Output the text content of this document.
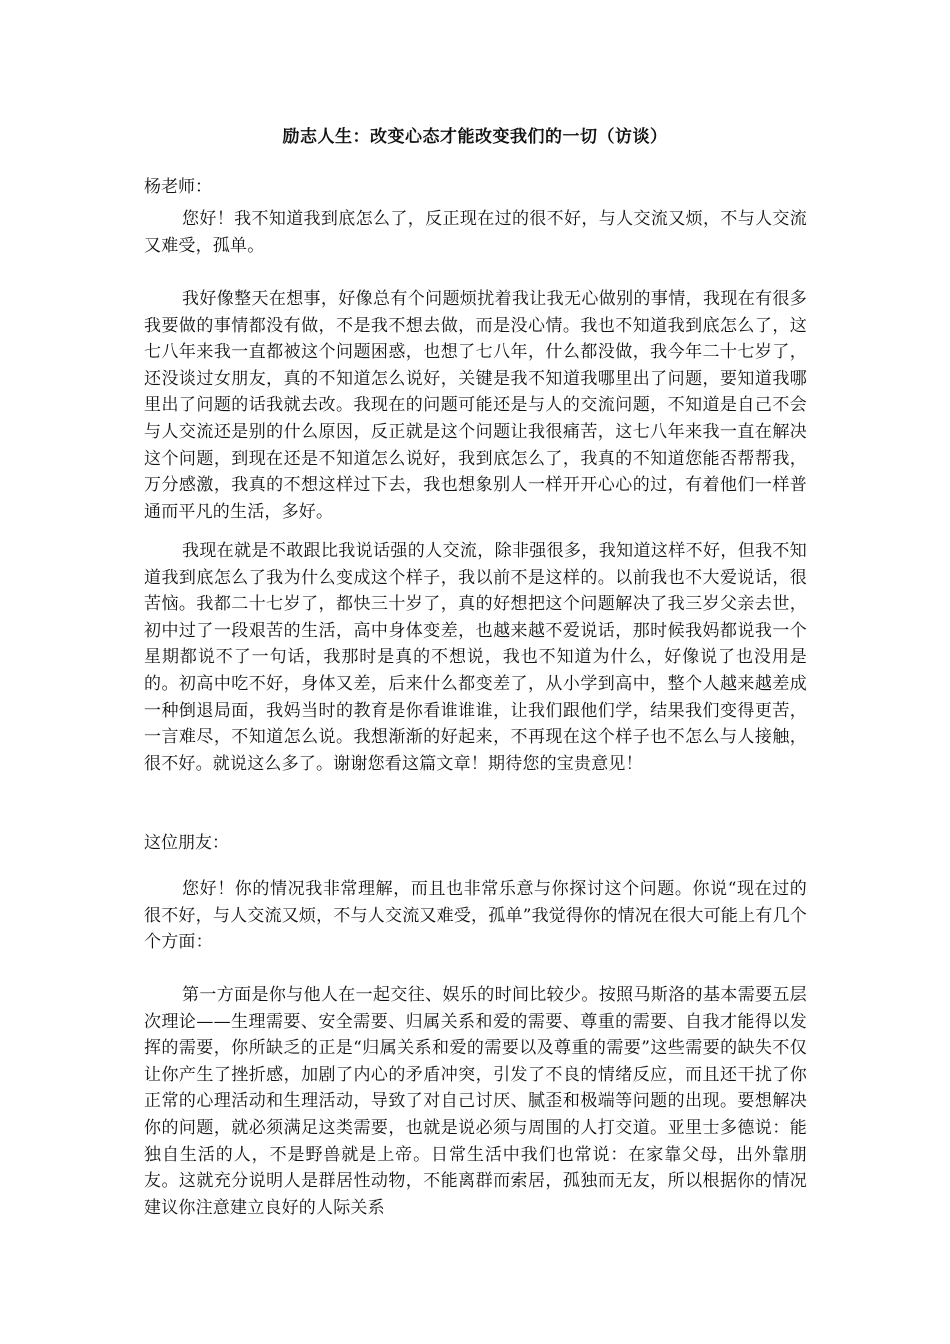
励志人生：改变心态才能改变我们的一切（访谈）
杨老师：

您好！我不知道我到底怎么了，反正现在过的很不好，与人交流又烦，不与人交流又难受，孤单。

我好像整天在想事，好像总有个问题烦扰着我让我无心做别的事情，我现在有很多我要做的事情都没有做，不是我不想去做，而是没心情。我也不知道我到底怎么了，这七八年来我一直都被这个问题困惑，也想了七八年，什么都没做，我今年二十七岁了，还没谈过女朋友，真的不知道怎么说好，关键是我不知道我哪里出了问题，要知道我哪里出了问题的话我就去改。我现在的问题可能还是与人的交流问题，不知道是自己不会与人交流还是别的什么原因，反正就是这个问题让我很痛苦，这七八年来我一直在解决这个问题，到现在还是不知道怎么说好，我到底怎么了，我真的不知道您能否帮帮我，万分感激，我真的不想这样过下去，我也想象别人一样开开心心的过，有着他们一样普通而平凡的生活，多好。

我现在就是不敢跟比我说话强的人交流，除非强很多，我知道这样不好，但我不知道我到底怎么了我为什么变成这个样子，我以前不是这样的。以前我也不大爱说话，很苦恼。我都二十七岁了，都快三十岁了，真的好想把这个问题解决了我三岁父亲去世，初中过了一段艰苦的生活，高中身体变差，也越来越不爱说话，那时候我妈都说我一个星期都说不了一句话，我那时是真的不想说，我也不知道为什么，好像说了也没用是的。初高中吃不好，身体又差，后来什么都变差了，从小学到高中，整个人越来越差成一种倒退局面，我妈当时的教育是你看谁谁谁，让我们跟他们学，结果我们变得更苦，一言难尽，不知道怎么说。我想渐渐的好起来，不再现在这个样子也不怎么与人接触，很不好。就说这么多了。谢谢您看这篇文章！期待您的宝贵意见！

这位朋友：

您好！你的情况我非常理解，而且也非常乐意与你探讨这个问题。你说“现在过的很不好，与人交流又烦，不与人交流又难受，孤单”我觉得你的情况在很大可能上有几个个方面：

第一方面是你与他人在一起交往、娱乐的时间比较少。按照马斯洛的基本需要五层次理论——生理需要、安全需要、归属关系和爱的需要、尊重的需要、自我才能得以发挥的需要，你所缺乏的正是“归属关系和爱的需要以及尊重的需要”这些需要的缺失不仅让你产生了挫折感，加剧了内心的矛盾冲突，引发了不良的情绪反应，而且还干扰了你正常的心理活动和生理活动，导致了对自己讨厌、腻歪和极端等问题的出现。要想解决你的问题，就必须满足这类需要，也就是说必须与周围的人打交道。亚里士多德说：能独自生活的人，不是野兽就是上帝。日常生活中我们也常说：在家靠父母，出外靠朋友。这就充分说明人是群居性动物，不能离群而索居，孤独而无友，所以根据你的情况建议你注意建立良好的人际关系
